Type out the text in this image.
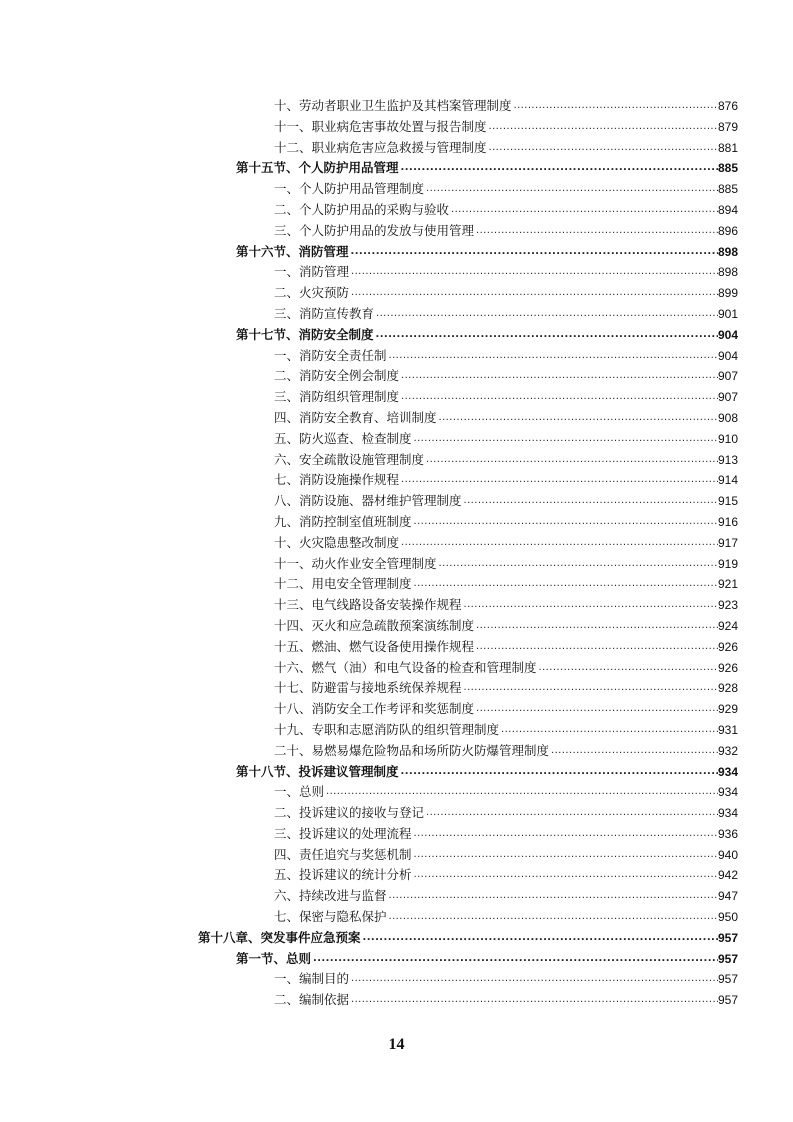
十、劳动者职业卫生监护及其档案管理制度 .....	876
十一、职业病危害事故处置与报告制度 .....	879
十二、职业病危害应急救援与管理制度 .....	881
第十五节、个人防护用品管理 .....	885
一、个人防护用品管理制度 .....	885
二、个人防护用品的采购与验收 .....	894
三、个人防护用品的发放与使用管理 .....	896
第十六节、消防管理 .....	898
一、消防管理 .....	898
二、火灾预防 .....	899
三、消防宣传教育 .....	901
第十七节、消防安全制度 .....	904
一、消防安全责任制 .....	904
二、消防安全例会制度 .....	907
三、消防组织管理制度 .....	907
四、消防安全教育、培训制度 .....	908
五、防火巡查、检查制度 .....	910
六、安全疏散设施管理制度 .....	913
七、消防设施操作规程 .....	914
八、消防设施、器材维护管理制度 .....	915
九、消防控制室值班制度 .....	916
十、火灾隐患整改制度 .....	917
十一、动火作业安全管理制度 .....	919
十二、用电安全管理制度 .....	921
十三、电气线路设备安装操作规程 .....	923
十四、灭火和应急疏散预案演练制度 .....	924
十五、燃油、燃气设备使用操作规程 .....	926
十六、燃气（油）和电气设备的检查和管理制度 .....	926
十七、防避雷与接地系统保养规程 .....	928
十八、消防安全工作考评和奖惩制度 .....	929
十九、专职和志愿消防队的组织管理制度 .....	931
二十、易燃易爆危险物品和场所防火防爆管理制度 .....	932
第十八节、投诉建议管理制度 .....	934
一、总则 .....	934
二、投诉建议的接收与登记 .....	934
三、投诉建议的处理流程 .....	936
四、责任追究与奖惩机制 .....	940
五、投诉建议的统计分析 .....	942
六、持续改进与监督 .....	947
七、保密与隐私保护 .....	950
第十八章、突发事件应急预案 .....	957
第一节、总则 .....	957
一、编制目的 .....	957
二、编制依据 .....	957
14
